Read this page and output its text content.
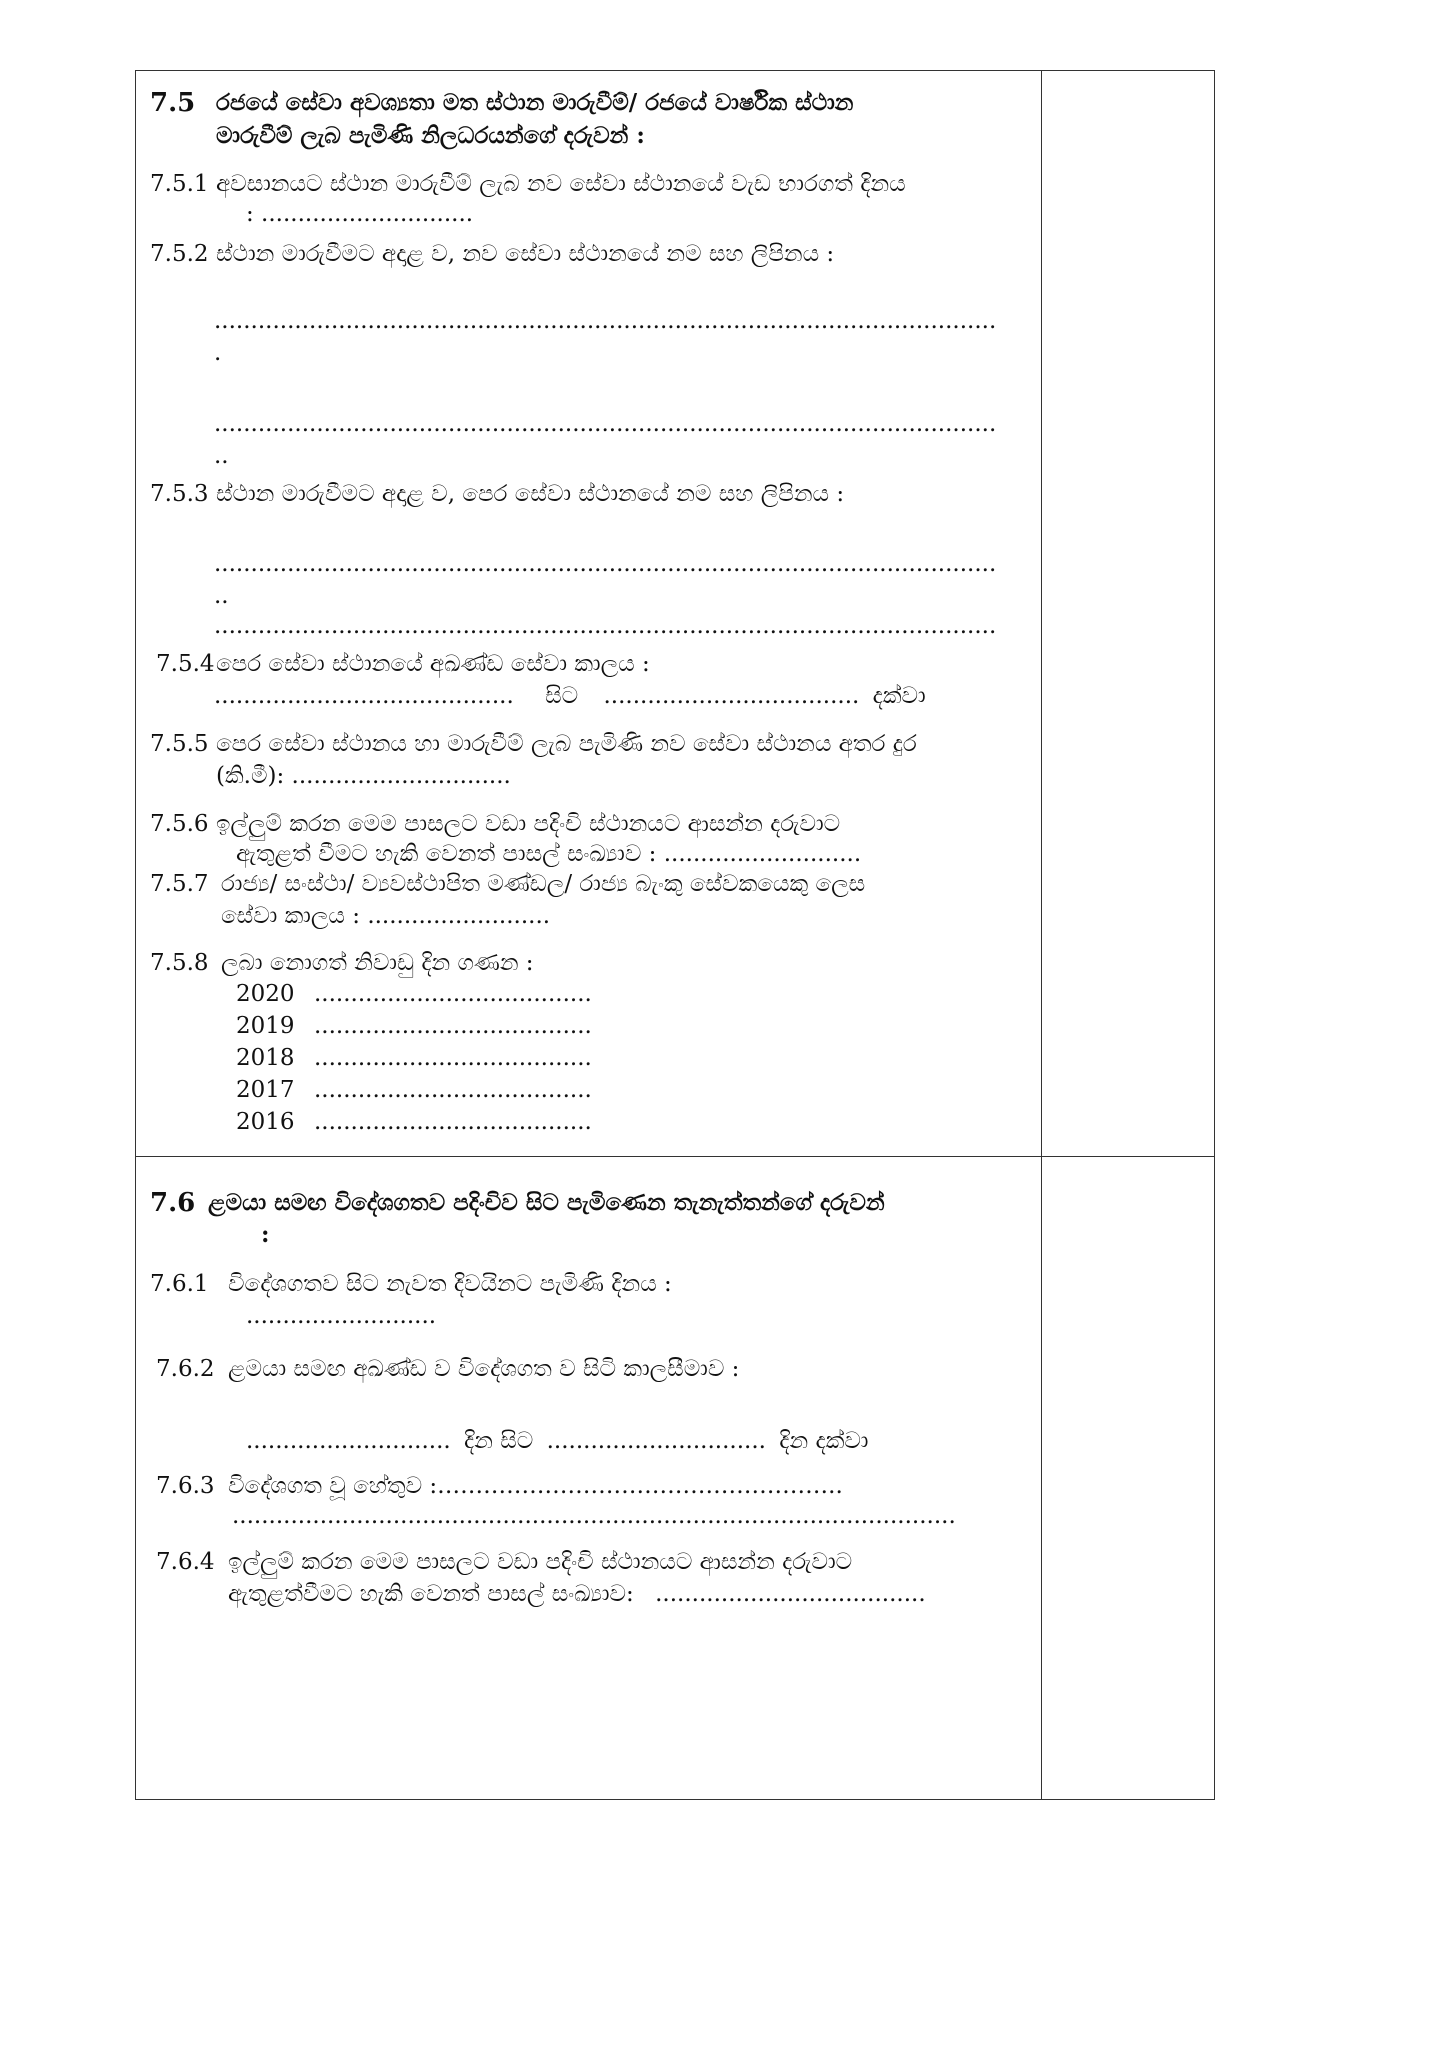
7.5 රජයේ සේවා අවශ්‍යතා මත ස්ථාන මාරුවීම්/ රජයේ වාර්ෂික ස්ථාන
මාරුවීම් ලැබ පැමිණි නිලධරයන්ගේ දරුවන් :
7.5.1 අවසානයට ස්ථාන මාරුවීම් ලැබ නව සේවා ස්ථානයේ වැඩ භාරගත් දිනය
: .............................
7.5.2 ස්ථාන මාරුවීමට අදාළ ව, නව සේවා ස්ථානයේ නම සහ ලිපිනය :
...........................................................................................................
.
...........................................................................................................
..
7.5.3 ස්ථාන මාරුවීමට අදාළ ව, පෙර සේවා ස්ථානයේ නම සහ ලිපිනය :
...........................................................................................................
..
...........................................................................................................
7.5.4 පෙර සේවා ස්ථානයේ අඛණ්ඩ සේවා කාලය :
......................................... සිට ................................... දක්වා
7.5.5 පෙර සේවා ස්ථානය හා මාරුවීම් ලැබ පැමිණි නව සේවා ස්ථානය අතර දුර
(කි.මී): ..............................
7.5.6 ඉල්ලුම් කරන මෙම පාසලට වඩා පදිංචි ස්ථානයට ආසන්න දරුවාට
ඇතුළත් වීමට හැකි වෙනත් පාසල් සංඛ්‍යාව : ...........................
7.5.7 රාජ්‍ය/ සංස්ථා/ ව්‍යවස්ථාපිත මණ්ඩල/ රාජ්‍ය බැංකු සේවකයෙකු ලෙස
සේවා කාලය : .........................
7.5.8 ලබා නොගත් නිවාඩු දින ගණන :
2020 ......................................
2019 ......................................
2018 ......................................
2017 ......................................
2016 ......................................
7.6 ළමයා සමඟ විදේශගතව පදිංචිව සිට පැමිණෙන තැනැත්තන්ගේ දරුවන්
:
7.6.1 විදේශගතව සිට නැවත දිවයිනට පැමිණි දිනය :
..........................
7.6.2 ළමයා සමඟ අඛණ්ඩ ව විදේශගත ව සිටි කාලසීමාව :
............................ දින සිට .............................. දින දක්වා
7.6.3 විදේශගත වූ හේතුව :……………………………………………..
...................................................................................................
7.6.4 ඉල්ලුම් කරන මෙම පාසලට වඩා පදිංචි ස්ථානයට ආසන්න දරුවාට
ඇතුළත්වීමට හැකි වෙනත් පාසල් සංඛ්‍යාව: .....................................
